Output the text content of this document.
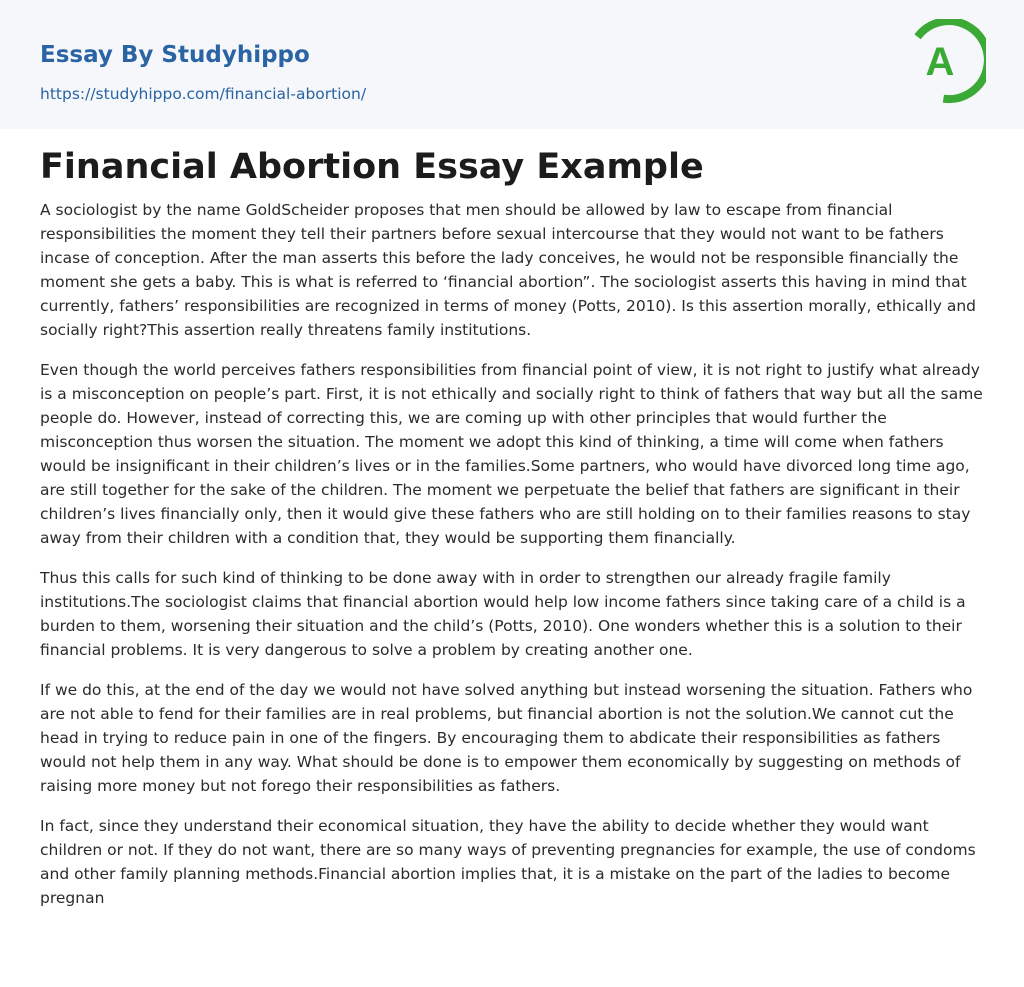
Essay By Studyhippo
https://studyhippo.com/financial-abortion/
A
Financial Abortion Essay Example

A sociologist by the name GoldScheider proposes that men should be allowed by law to escape from financial responsibilities the moment they tell their partners before sexual intercourse that they would not want to be fathers incase of conception. After the man asserts this before the lady conceives, he would not be responsible financially the moment she gets a baby. This is what is referred to ‘financial abortion”. The sociologist asserts this having in mind that currently, fathers’ responsibilities are recognized in terms of money (Potts, 2010). Is this assertion morally, ethically and socially right?This assertion really threatens family institutions.

Even though the world perceives fathers responsibilities from financial point of view, it is not right to justify what already is a misconception on people’s part. First, it is not ethically and socially right to think of fathers that way but all the same people do. However, instead of correcting this, we are coming up with other principles that would further the misconception thus worsen the situation. The moment we adopt this kind of thinking, a time will come when fathers would be insignificant in their children’s lives or in the families.Some partners, who would have divorced long time ago, are still together for the sake of the children. The moment we perpetuate the belief that fathers are significant in their children’s lives financially only, then it would give these fathers who are still holding on to their families reasons to stay away from their children with a condition that, they would be supporting them financially.

Thus this calls for such kind of thinking to be done away with in order to strengthen our already fragile family institutions.The sociologist claims that financial abortion would help low income fathers since taking care of a child is a burden to them, worsening their situation and the child’s (Potts, 2010). One wonders whether this is a solution to their financial problems. It is very dangerous to solve a problem by creating another one.

If we do this, at the end of the day we would not have solved anything but instead worsening the situation. Fathers who are not able to fend for their families are in real problems, but financial abortion is not the solution.We cannot cut the head in trying to reduce pain in one of the fingers. By encouraging them to abdicate their responsibilities as fathers would not help them in any way. What should be done is to empower them economically by suggesting on methods of raising more money but not forego their responsibilities as fathers.

In fact, since they understand their economical situation, they have the ability to decide whether they would want children or not. If they do not want, there are so many ways of preventing pregnancies for example, the use of condoms and other family planning methods.Financial abortion implies that, it is a mistake on the part of the ladies to become pregnan
